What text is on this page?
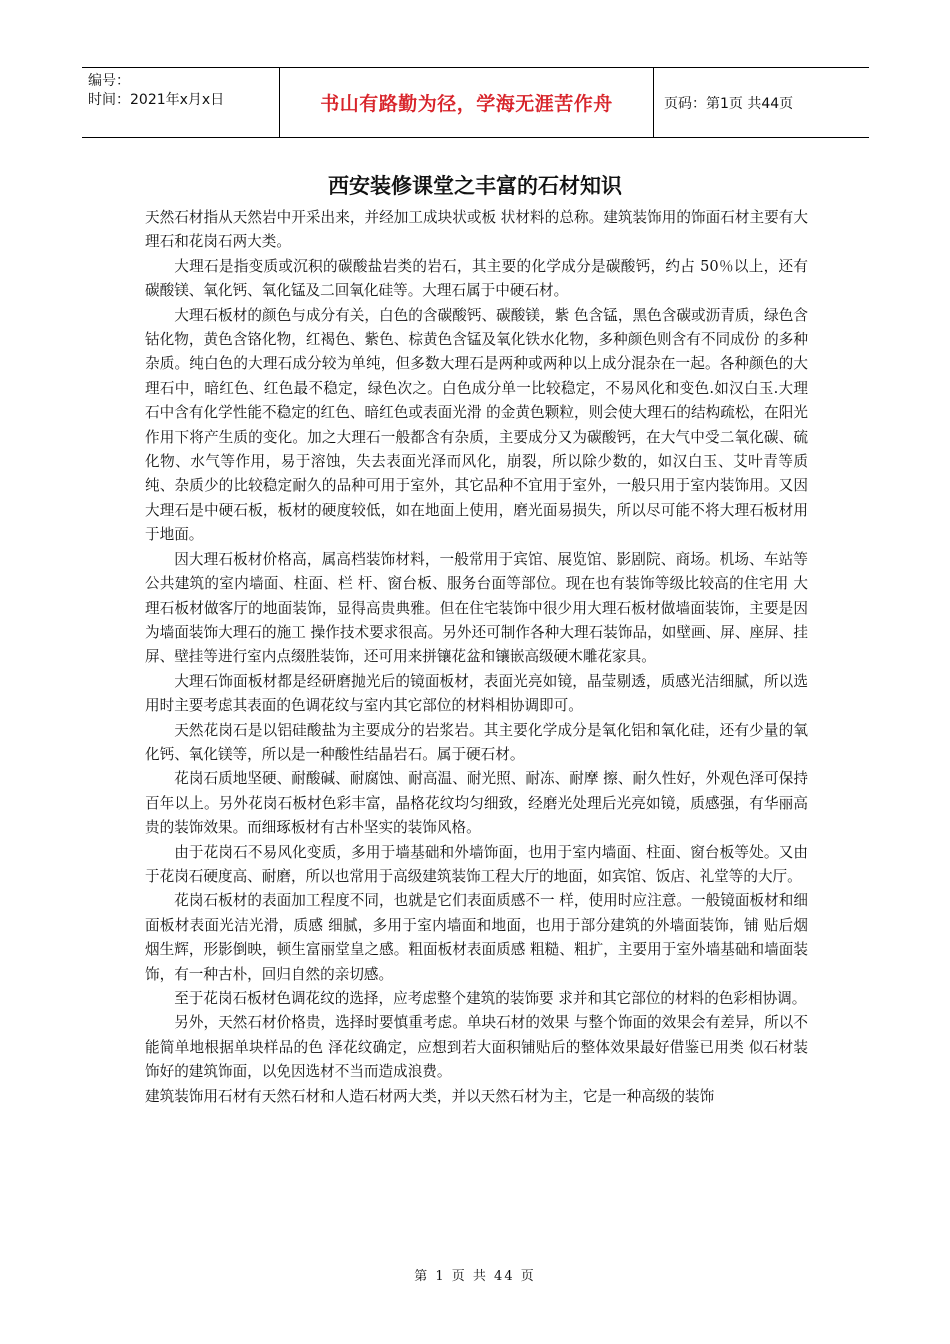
编号：
时间：2021年x月x日	书山有路勤为径，学海无涯苦作舟	页码：第1页 共44页
西安装修课堂之丰富的石材知识

天然石材指从天然岩中开采出来，并经加工成块状或板 状材料的总称。建筑装饰用的饰面石材主要有大理石和花岗石两大类。

大理石是指变质或沉积的碳酸盐岩类的岩石，其主要的化学成分是碳酸钙，约占 50％以上，还有碳酸镁、氧化钙、氧化锰及二回氧化硅等。大理石属于中硬石材。

大理石板材的颜色与成分有关，白色的含碳酸钙、碳酸镁，紫 色含锰，黑色含碳或沥青质，绿色含钴化物，黄色含铬化物，红褐色、紫色、棕黄色含锰及氧化铁水化物，多种颜色则含有不同成份 的多种杂质。纯白色的大理石成分较为单纯，但多数大理石是两种或两种以上成分混杂在一起。各种颜色的大理石中，暗红色、红色最不稳定，绿色次之。白色成分单一比较稳定，不易风化和变色.如汉白玉.大理石中含有化学性能不稳定的红色、暗红色或表面光滑 的金黄色颗粒，则会使大理石的结构疏松，在阳光作用下将产生质的变化。加之大理石一般都含有杂质，主要成分又为碳酸钙，在大气中受二氧化碳、硫化物、水气等作用，易于溶蚀，失去表面光泽而风化，崩裂，所以除少数的，如汉白玉、艾叶青等质纯、杂质少的比较稳定耐久的品种可用于室外，其它品种不宜用于室外，一般只用于室内装饰用。又因大理石是中硬石板，板材的硬度较低，如在地面上使用，磨光面易损失，所以尽可能不将大理石板材用于地面。

因大理石板材价格高，属高档装饰材料，一般常用于宾馆、展览馆、影剧院、商场。机场、车站等公共建筑的室内墙面、柱面、栏 杆、窗台板、服务台面等部位。现在也有装饰等级比较高的住宅用 大理石板材做客厅的地面装饰，显得高贵典雅。但在住宅装饰中很少用大理石板材做墙面装饰，主要是因为墙面装饰大理石的施工 操作技术要求很高。另外还可制作各种大理石装饰品，如壁画、屏、座屏、挂屏、壁挂等进行室内点缀胜装饰，还可用来拼镶花盆和镶嵌高级硬木雕花家具。

大理石饰面板材都是经研磨抛光后的镜面板材，表面光亮如镜，晶莹剔透，质感光洁细腻，所以选用时主要考虑其表面的色调花纹与室内其它部位的材料相协调即可。

天然花岗石是以铝硅酸盐为主要成分的岩浆岩。其主要化学成分是氧化铝和氧化硅，还有少量的氧化钙、氧化镁等，所以是一种酸性结晶岩石。属于硬石材。

花岗石质地坚硬、耐酸碱、耐腐蚀、耐高温、耐光照、耐冻、耐摩 擦、耐久性好，外观色泽可保持百年以上。另外花岗石板材色彩丰富，晶格花纹均匀细致，经磨光处理后光亮如镜，质感强，有华丽高贵的装饰效果。而细琢板材有古朴坚实的装饰风格。

由于花岗石不易风化变质，多用于墙基础和外墙饰面，也用于室内墙面、柱面、窗台板等处。又由于花岗石硬度高、耐磨，所以也常用于高级建筑装饰工程大厅的地面，如宾馆、饭店、礼堂等的大厅。

花岗石板材的表面加工程度不同，也就是它们表面质感不一 样，使用时应注意。一般镜面板材和细面板材表面光洁光滑，质感 细腻，多用于室内墙面和地面，也用于部分建筑的外墙面装饰，铺 贴后烟烟生辉，形影倒映，顿生富丽堂皇之感。粗面板材表面质感 粗糙、粗扩，主要用于室外墙基础和墙面装饰，有一种古朴，回归自然的亲切感。

至于花岗石板材色调花纹的选择，应考虑整个建筑的装饰要 求并和其它部位的材料的色彩相协调。

另外，天然石材价格贵，选择时要慎重考虑。单块石材的效果 与整个饰面的效果会有差异，所以不能简单地根据单块样品的色 泽花纹确定，应想到若大面积铺贴后的整体效果最好借鉴已用类 似石材装饰好的建筑饰面，以免因选材不当而造成浪费。

建筑装饰用石材有天然石材和人造石材两大类，并以天然石材为主，它是一种高级的装饰

第 1 页 共 44 页
